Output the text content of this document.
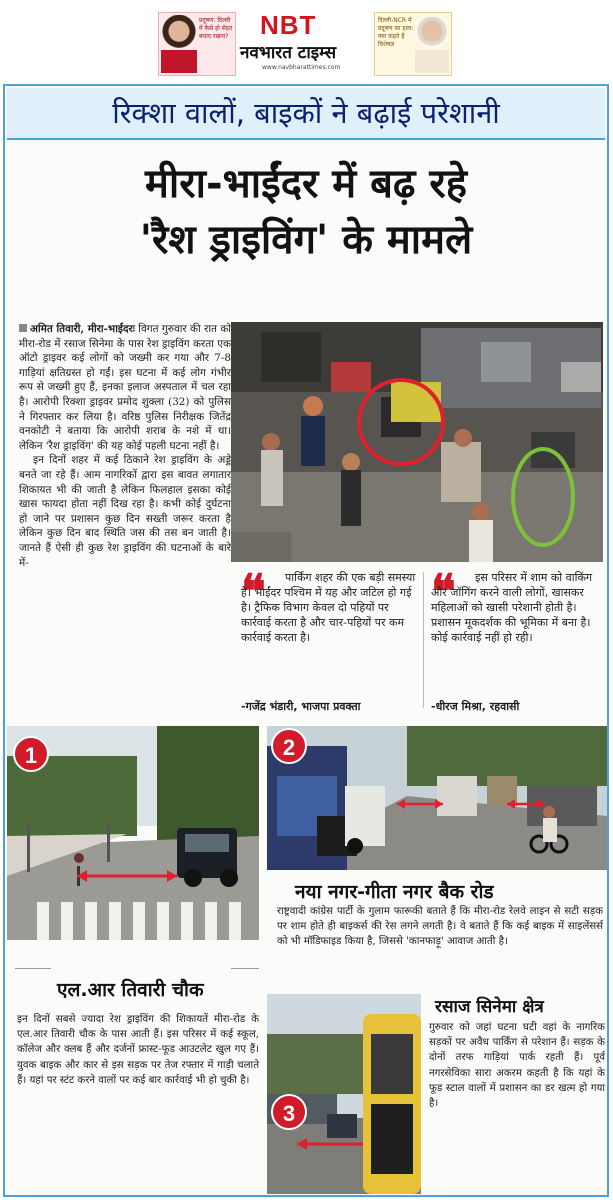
प्रदूषण: दिल्ली में कैसे हो सेहत बचाए रखना? NBT
नवभारत टाइम्स
www.navbharattimes.com
दिल्ली-NCR में प्रदूषण का हाल: क्या कहते हैं विशेषज्ञ
रिक्शा वालों, बाइकों ने बढ़ाई परेशानी
मीरा-भाईंदर में बढ़ रहे
'रैश ड्राइविंग' के मामले

अमित तिवारी, मीरा-भाईंदरः विगत गुरुवार की रात को मीरा-रोड में रसाज सिनेमा के पास रेश ड्राइविंग करता एक ऑटो ड्राइवर कई लोगों को जख्मी कर गया और 7-8 गाड़ियां क्षतिग्रस्त हो गईं। इस घटना में कई लोग गंभीर रूप से जख्मी हुए हैं, इनका इलाज अस्पताल में चल रहा है। आरोपी रिक्शा ड्राइवर प्रमोद शुक्ला (32) को पुलिस ने गिरफ्तार कर लिया है। वरिष्ठ पुलिस निरीक्षक जितेंद्र वनकोटी ने बताया कि आरोपी शराब के नशे में था। लेकिन 'रैश ड्राइविंग' की यह कोई पहली घटना नहीं है।

इन दिनों शहर में कई ठिकाने रेश ड्राइविंग के अड्डे बनते जा रहे हैं। आम नागरिकों द्वारा इस बावत लगातार शिकायत भी की जाती है लेकिन फिलहाल इसका कोई खास फायदा होता नहीं दिख रहा है। कभी कोई दुर्घटना हो जाने पर प्रशासन कुछ दिन सख्ती जरूर करता है लेकिन कुछ दिन बाद स्थिति जस की तस बन जाती है। जानते हैं ऐसी ही कुछ रेश ड्राइविंग की घटनाओं के बारे में-

❝	पार्किंग शहर की एक बड़ी समस्या है। भाईंदर पश्चिम में यह और जटिल हो गई है। ट्रैफिक विभाग केवल दो पहियों पर कार्रवाई करता है और चार-पहियों पर कम कार्रवाई करता है।
-गजेंद्र भंडारी, भाजपा प्रवक्ता
❝	इस परिसर में शाम को वाकिंग और जॉगिंग करने वाली लोगों, खासकर महिलाओं को खासी परेशानी होती है। प्रशासन मूकदर्शक की भूमिका में बना है। कोई कार्रवाई नहीं हो रही।
-धीरज मिश्रा, रहवासी
1	2
नया नगर-गीता नगर बैक रोड
राष्ट्रवादी कांग्रेस पार्टी के गुलाम फारूकी बताते हैं कि मीरा-रोड रेलवे लाइन से सटी सड़क पर शाम होते ही बाइकर्स की रेस लगने लगती है। वे बताते हैं कि कई बाइक में साइलेंसर्स को भी मॉडिफाइड किया है, जिससे 'कानफाड़ू' आवाज आती है।
एल.आर तिवारी चौक
इन दिनों सबसे ज्यादा रेश ड्राइविंग की शिकायतें मीरा-रोड के एल.आर तिवारी चौक के पास आती हैं। इस परिसर में कई स्कूल, कॉलेज और क्लब हैं और दर्जनों फ्रास्ट-फूड आउटलेट खुल गए हैं। युवक बाइक और कार से इस सड़क पर तेज रफ्तार में गाड़ी चलाते हैं। यहां पर स्टंट करने वालों पर कई बार कार्रवाई भी हो चुकी है।
3
रसाज सिनेमा क्षेत्र
गुरुवार को जहां घटना घटी वहां के नागरिक सड़कों पर अवैध पार्किंग से परेशान हैं। सड़क के दोनों तरफ गाड़ियां पार्क रहती हैं। पूर्व नगरसेविका सारा अकरम कहती है कि यहां के फूड स्टाल वालों में प्रशासन का डर खत्म हो गया है।
